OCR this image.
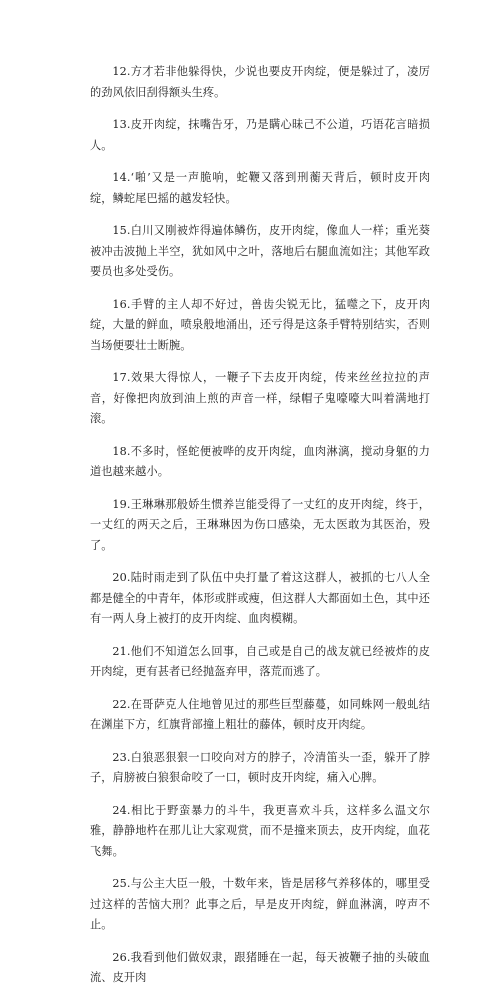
12.方才若非他躲得快，少说也要皮开肉绽，便是躲过了，凌厉的劲风依旧刮得额头生疼。

13.皮开肉绽，抹嘴告牙，乃是瞒心昧己不公道，巧语花言暗损人。

14.‘啪’又是一声脆响，蛇鞭又落到刑蘅天背后，顿时皮开肉绽，鳞蛇尾巴摇的越发轻快。

15.白川又刚被炸得遍体鳞伤，皮开肉绽，像血人一样；重光葵被冲击波抛上半空，犹如风中之叶，落地后右腿血流如注；其他军政要员也多处受伤。

16.手臂的主人却不好过，兽齿尖锐无比，猛噬之下，皮开肉绽，大量的鲜血，喷泉般地涌出，还亏得是这条手臂特别结实，否则当场便要壮士断腕。

17.效果大得惊人，一鞭子下去皮开肉绽，传来丝丝拉拉的声音，好像把肉放到油上煎的声音一样，绿帽子鬼嚎嚎大叫着满地打滚。

18.不多时，怪蛇便被哗的皮开肉绽，血肉淋漓，搅动身躯的力道也越来越小。

19.王琳琳那般娇生惯养岂能受得了一丈红的皮开肉绽，终于，一丈红的两天之后，王琳琳因为伤口感染，无太医敢为其医治，殁了。

20.陆时雨走到了队伍中央打量了着这这群人，被抓的七八人全都是健全的中青年，体形或胖或瘦，但这群人大都面如土色，其中还有一两人身上被打的皮开肉绽、血肉模糊。

21.他们不知道怎么回事，自己或是自己的战友就已经被炸的皮开肉绽，更有甚者已经抛盔弃甲，落荒而逃了。

22.在哥萨克人住地曾见过的那些巨型藤蔓，如同蛛网一般虬结在渊崖下方，红旗背部撞上粗壮的藤体，顿时皮开肉绽。

23.白狼恶狠狠一口咬向对方的脖子，冷清笛头一歪，躲开了脖子，肩膀被白狼狠命咬了一口，顿时皮开肉绽，痛入心脾。

24.相比于野蛮暴力的斗牛，我更喜欢斗兵，这样多么温文尔雅，静静地杵在那儿让大家观赏，而不是撞来顶去，皮开肉绽，血花飞舞。

25.与公主大臣一般，十数年来，皆是居移气养移体的，哪里受过这样的苦恼大刑？此事之后，早是皮开肉绽，鲜血淋漓，哼声不止。

26.我看到他们做奴隶，跟猪睡在一起，每天被鞭子抽的头破血流、皮开肉
